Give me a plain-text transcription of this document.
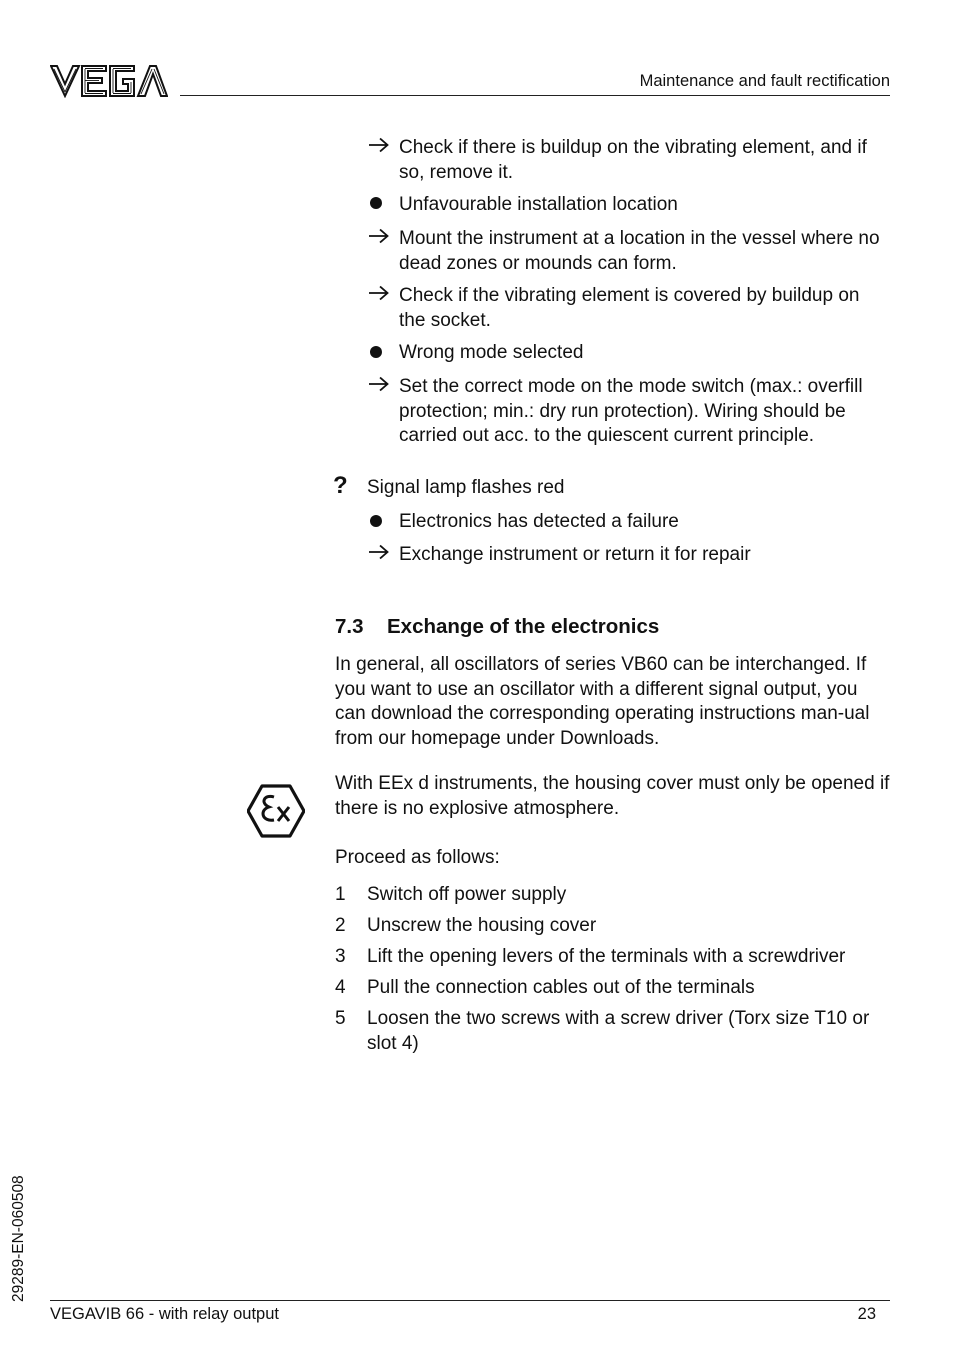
Maintenance and fault rectification
Check if there is buildup on the vibrating element, and if so, remove it.
Unfavourable installation location
Mount the instrument at a location in the vessel where no dead zones or mounds can form.
Check if the vibrating element is covered by buildup on the socket.
Wrong mode selected
Set the correct mode on the mode switch (max.: overfill protection; min.: dry run protection). Wiring should be carried out acc. to the quiescent current principle.
? Signal lamp flashes red
Electronics has detected a failure
Exchange instrument or return it for repair
7.3 Exchange of the electronics
In general, all oscillators of series VB60 can be interchanged. If you want to use an oscillator with a different signal output, you can download the corresponding operating instructions man-ual from our homepage under Downloads.
With EEx d instruments, the housing cover must only be opened if there is no explosive atmosphere.
Proceed as follows:
1	Switch off power supply
2	Unscrew the housing cover
3	Lift the opening levers of the terminals with a screwdriver
4	Pull the connection cables out of the terminals
5	Loosen the two screws with a screw driver (Torx size T10 or slot 4)
29289-EN-060508
VEGAVIB 66 - with relay output	23
